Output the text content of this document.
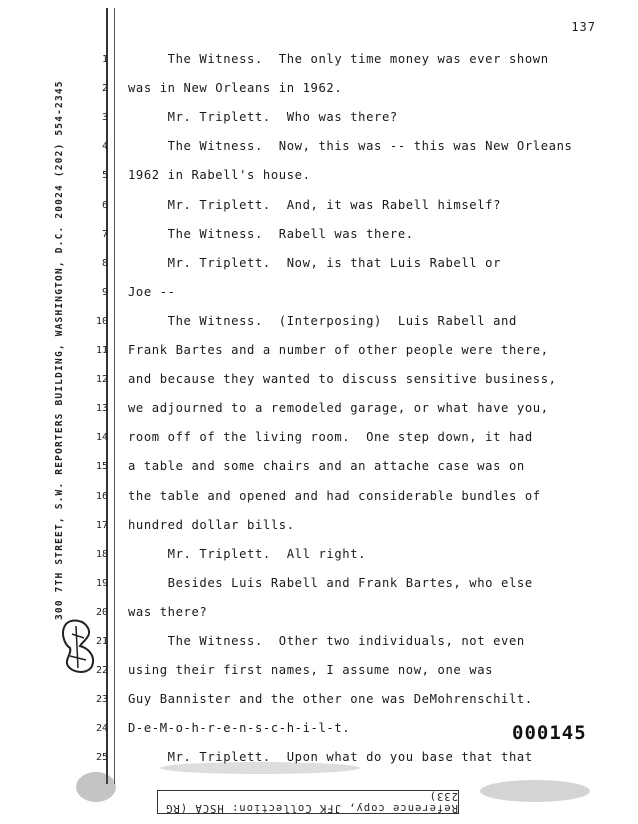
137
300 7TH STREET, S.W. REPORTERS BUILDING, WASHINGTON, D.C. 20024 (202) 554-2345
1
2
3
4
5
6
7
8
9
10
11
12
13
14
15
16
17
18
19
20
21
22
23
24
25
The Witness.  The only time money was ever shown
was in New Orleans in 1962.
Mr. Triplett.  Who was there?
The Witness.  Now, this was -- this was New Orleans
1962 in Rabell's house.
Mr. Triplett.  And, it was Rabell himself?
The Witness.  Rabell was there.
Mr. Triplett.  Now, is that Luis Rabell or
Joe --
The Witness.  (Interposing)  Luis Rabell and
Frank Bartes and a number of other people were there,
and because they wanted to discuss sensitive business,
we adjourned to a remodeled garage, or what have you,
room off of the living room.  One step down, it had
a table and some chairs and an attache case was on
the table and opened and had considerable bundles of
hundred dollar bills.
Mr. Triplett.  All right.
Besides Luis Rabell and Frank Bartes, who else
was there?
The Witness.  Other two individuals, not even
using their first names, I assume now, one was
Guy Bannister and the other one was DeMohrenschilt.
D-e-M-o-h-r-e-n-s-c-h-i-l-t.
Mr. Triplett.  Upon what do you base that that
000145
Reference copy, JFK Collection: HSCA (RG 233)
